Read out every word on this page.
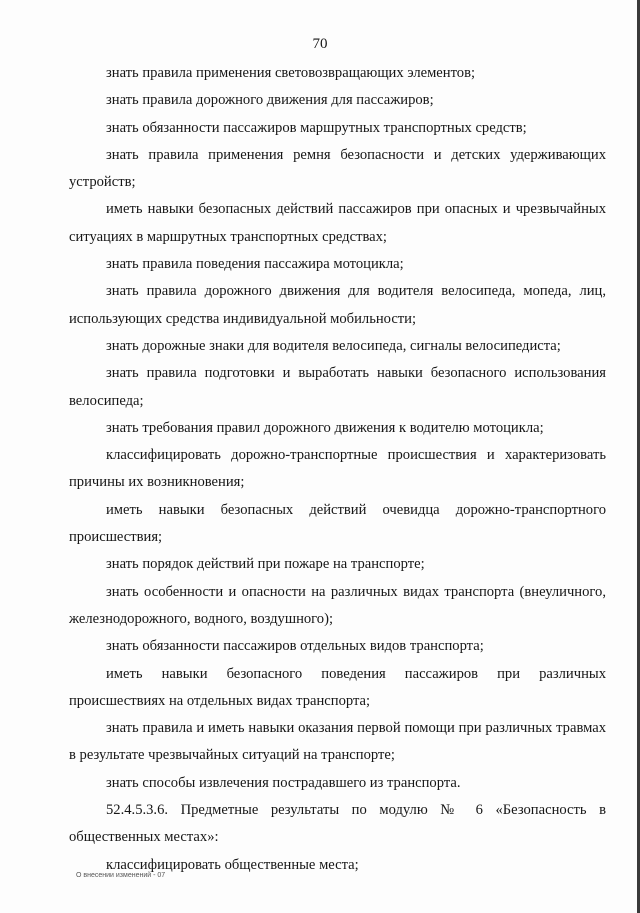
70

знать правила применения световозвращающих элементов;

знать правила дорожного движения для пассажиров;

знать обязанности пассажиров маршрутных транспортных средств;

знать правила применения ремня безопасности и детских удерживающих устройств;

иметь навыки безопасных действий пассажиров при опасных и чрезвычайных ситуациях в маршрутных транспортных средствах;

знать правила поведения пассажира мотоцикла;

знать правила дорожного движения для водителя велосипеда, мопеда, лиц, использующих средства индивидуальной мобильности;

знать дорожные знаки для водителя велосипеда, сигналы велосипедиста;

знать правила подготовки и выработать навыки безопасного использования велосипеда;

знать требования правил дорожного движения к водителю мотоцикла;

классифицировать дорожно-транспортные происшествия и характеризовать причины их возникновения;

иметь навыки безопасных действий очевидца дорожно-транспортного происшествия;

знать порядок действий при пожаре на транспорте;

знать особенности и опасности на различных видах транспорта (внеуличного, железнодорожного, водного, воздушного);

знать обязанности пассажиров отдельных видов транспорта;

иметь навыки безопасного поведения пассажиров при различных происшествиях на отдельных видах транспорта;

знать правила и иметь навыки оказания первой помощи при различных травмах в результате чрезвычайных ситуаций на транспорте;

знать способы извлечения пострадавшего из транспорта.

52.4.5.3.6. Предметные результаты по модулю № 6 «Безопасность в общественных местах»:

классифицировать общественные места;

О внесении изменений - 07
